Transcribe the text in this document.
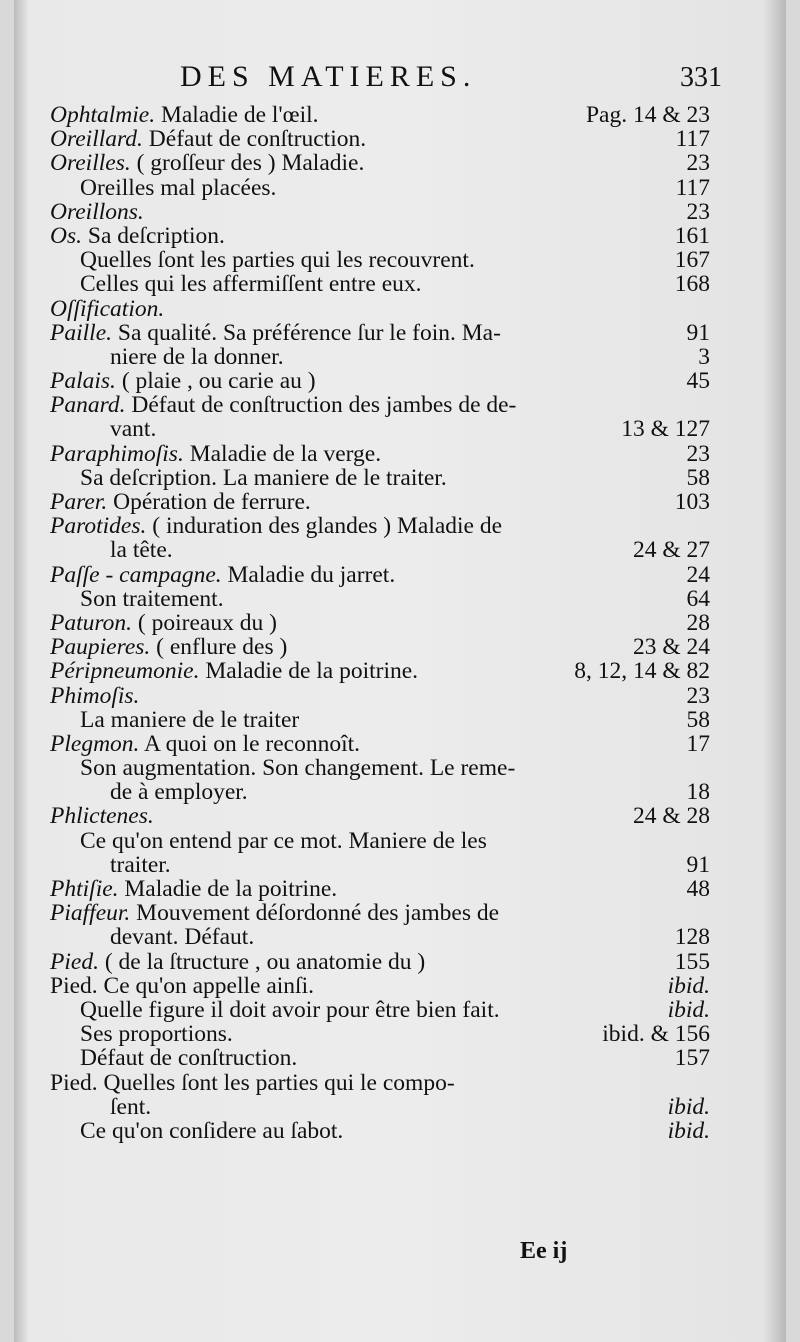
DES MATIERES.	331
Ophtalmie. Maladie de l'œil.	Pag. 14 & 23
Oreillard. Défaut de conſtruction.	117
Oreilles. ( groſſeur des ) Maladie.	23
Oreilles mal placées.	117
Oreillons.	23
Os. Sa deſcription.	161
Quelles ſont les parties qui les recouvrent.	167
Celles qui les affermiſſent entre eux.	168
Oſſification.
Paille. Sa qualité. Sa préférence ſur le foin. Ma-	91
niere de la donner.	3
Palais. ( plaie , ou carie au )	45
Panard. Défaut de conſtruction des jambes de de-
vant.	13 & 127
Paraphimoſis. Maladie de la verge.	23
Sa deſcription. La maniere de le traiter.	58
Parer. Opération de ferrure.	103
Parotides. ( induration des glandes ) Maladie de
la tête.	24 & 27
Paſſe - campagne. Maladie du jarret.	24
Son traitement.	64
Paturon. ( poireaux du )	28
Paupieres. ( enflure des )	23 & 24
Péripneumonie. Maladie de la poitrine.	8, 12, 14 & 82
Phimoſis.	23
La maniere de le traiter	58
Plegmon. A quoi on le reconnoît.	17
Son augmentation. Son changement. Le reme-
de à employer.	18
Phlictenes.	24 & 28
Ce qu'on entend par ce mot. Maniere de les
traiter.	91
Phtiſie. Maladie de la poitrine.	48
Piaffeur. Mouvement déſordonné des jambes de
devant. Défaut.	128
Pied. ( de la ſtructure , ou anatomie du )	155
Pied. Ce qu'on appelle ainſi.	ibid.
Quelle figure il doit avoir pour être bien fait.	ibid.
Ses proportions.	ibid. & 156
Défaut de conſtruction.	157
Pied. Quelles ſont les parties qui le compo-
ſent.	ibid.
Ce qu'on conſidere au ſabot.	ibid.
Ee ij
